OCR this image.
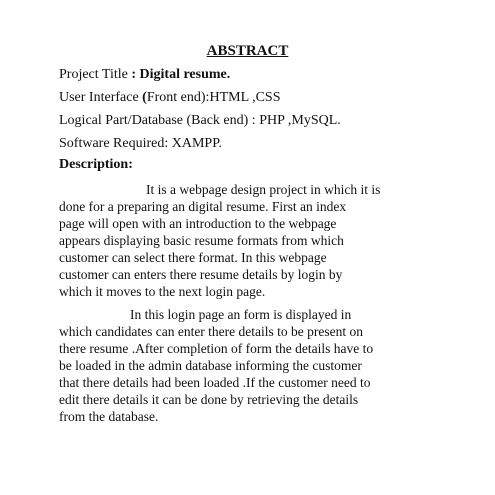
ABSTRACT
Project Title : Digital resume.
User Interface (Front end):HTML ,CSS
Logical Part/Database (Back end) : PHP ,MySQL.
Software Required: XAMPP.
Description:
It is a webpage design project in which it is
done for a preparing an digital resume. First an index
page will open with an introduction to the webpage
appears displaying basic resume formats from which
customer can select there format. In this webpage
customer can enters there resume details by login by
which it moves to the next login page.
In this login page an form is displayed in
which candidates can enter there details to be present on
there resume .After completion of form the details have to
be loaded in the admin database informing the customer
that there details had been loaded .If the customer need to
edit there details it can be done by retrieving the details
from the database.
